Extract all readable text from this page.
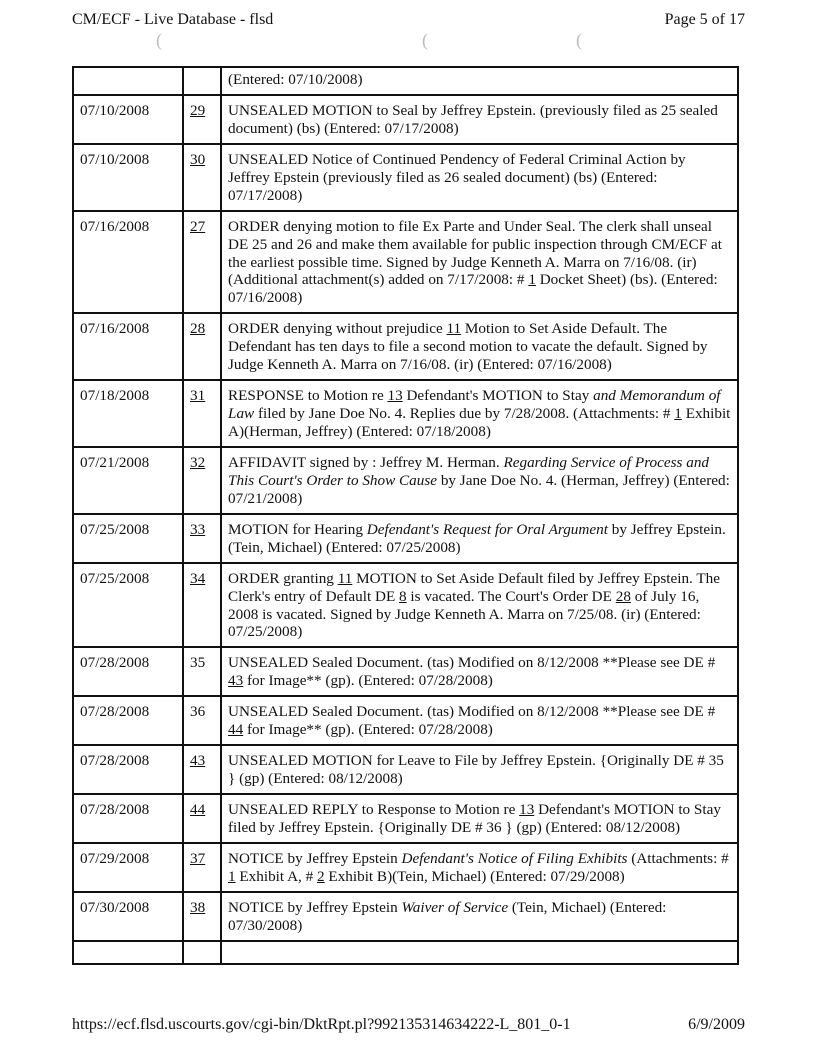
CM/ECF - Live Database - flsd	Page 5 of 17
(	(	(
		(Entered: 07/10/2008)
07/10/2008	29	UNSEALED MOTION to Seal by Jeffrey Epstein. (previously filed as 25 sealed document) (bs) (Entered: 07/17/2008)
07/10/2008	30	UNSEALED Notice of Continued Pendency of Federal Criminal Action by Jeffrey Epstein (previously filed as 26 sealed document) (bs) (Entered: 07/17/2008)
07/16/2008	27	ORDER denying motion to file Ex Parte and Under Seal. The clerk shall unseal DE 25 and 26 and make them available for public inspection through CM/ECF at the earliest possible time. Signed by Judge Kenneth A. Marra on 7/16/08. (ir) (Additional attachment(s) added on 7/17/2008: # 1 Docket Sheet) (bs). (Entered: 07/16/2008)
07/16/2008	28	ORDER denying without prejudice 11 Motion to Set Aside Default. The Defendant has ten days to file a second motion to vacate the default. Signed by Judge Kenneth A. Marra on 7/16/08. (ir) (Entered: 07/16/2008)
07/18/2008	31	RESPONSE to Motion re 13 Defendant's MOTION to Stay and Memorandum of Law filed by Jane Doe No. 4. Replies due by 7/28/2008. (Attachments: # 1 Exhibit A)(Herman, Jeffrey) (Entered: 07/18/2008)
07/21/2008	32	AFFIDAVIT signed by : Jeffrey M. Herman. Regarding Service of Process and This Court's Order to Show Cause by Jane Doe No. 4. (Herman, Jeffrey) (Entered: 07/21/2008)
07/25/2008	33	MOTION for Hearing Defendant's Request for Oral Argument by Jeffrey Epstein. (Tein, Michael) (Entered: 07/25/2008)
07/25/2008	34	ORDER granting 11 MOTION to Set Aside Default filed by Jeffrey Epstein. The Clerk's entry of Default DE 8 is vacated. The Court's Order DE 28 of July 16, 2008 is vacated. Signed by Judge Kenneth A. Marra on 7/25/08. (ir) (Entered: 07/25/2008)
07/28/2008	35	UNSEALED Sealed Document. (tas) Modified on 8/12/2008 **Please see DE # 43 for Image** (gp). (Entered: 07/28/2008)
07/28/2008	36	UNSEALED Sealed Document. (tas) Modified on 8/12/2008 **Please see DE # 44 for Image** (gp). (Entered: 07/28/2008)
07/28/2008	43	UNSEALED MOTION for Leave to File by Jeffrey Epstein. {Originally DE # 35 } (gp) (Entered: 08/12/2008)
07/28/2008	44	UNSEALED REPLY to Response to Motion re 13 Defendant's MOTION to Stay filed by Jeffrey Epstein. {Originally DE # 36 } (gp) (Entered: 08/12/2008)
07/29/2008	37	NOTICE by Jeffrey Epstein Defendant's Notice of Filing Exhibits (Attachments: # 1 Exhibit A, # 2 Exhibit B)(Tein, Michael) (Entered: 07/29/2008)
07/30/2008	38	NOTICE by Jeffrey Epstein Waiver of Service (Tein, Michael) (Entered: 07/30/2008)

https://ecf.flsd.uscourts.gov/cgi-bin/DktRpt.pl?992135314634222-L_801_0-1	6/9/2009
